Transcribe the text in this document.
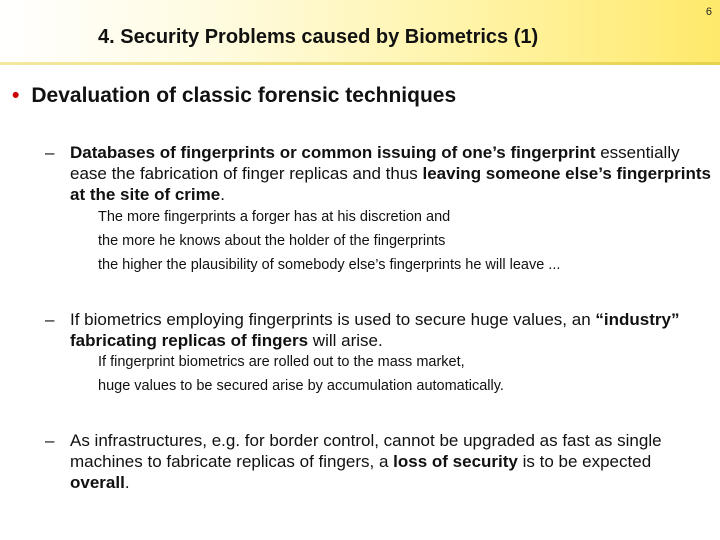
6
4. Security Problems caused by Biometrics (1)
• Devaluation of classic forensic techniques
– Databases of fingerprints or common issuing of one’s fingerprint essentially ease the fabrication of finger replicas and thus leaving someone else’s fingerprints at the site of crime.
The more fingerprints a forger has at his discretion and
the more he knows about the holder of the fingerprints
the higher the plausibility of somebody else’s fingerprints he will leave ...
– If biometrics employing fingerprints is used to secure huge values, an “industry” fabricating replicas of fingers will arise.
If fingerprint biometrics are rolled out to the mass market,
huge values to be secured arise by accumulation automatically.
– As infrastructures, e.g. for border control, cannot be upgraded as fast as single machines to fabricate replicas of fingers, a loss of security is to be expected overall.
